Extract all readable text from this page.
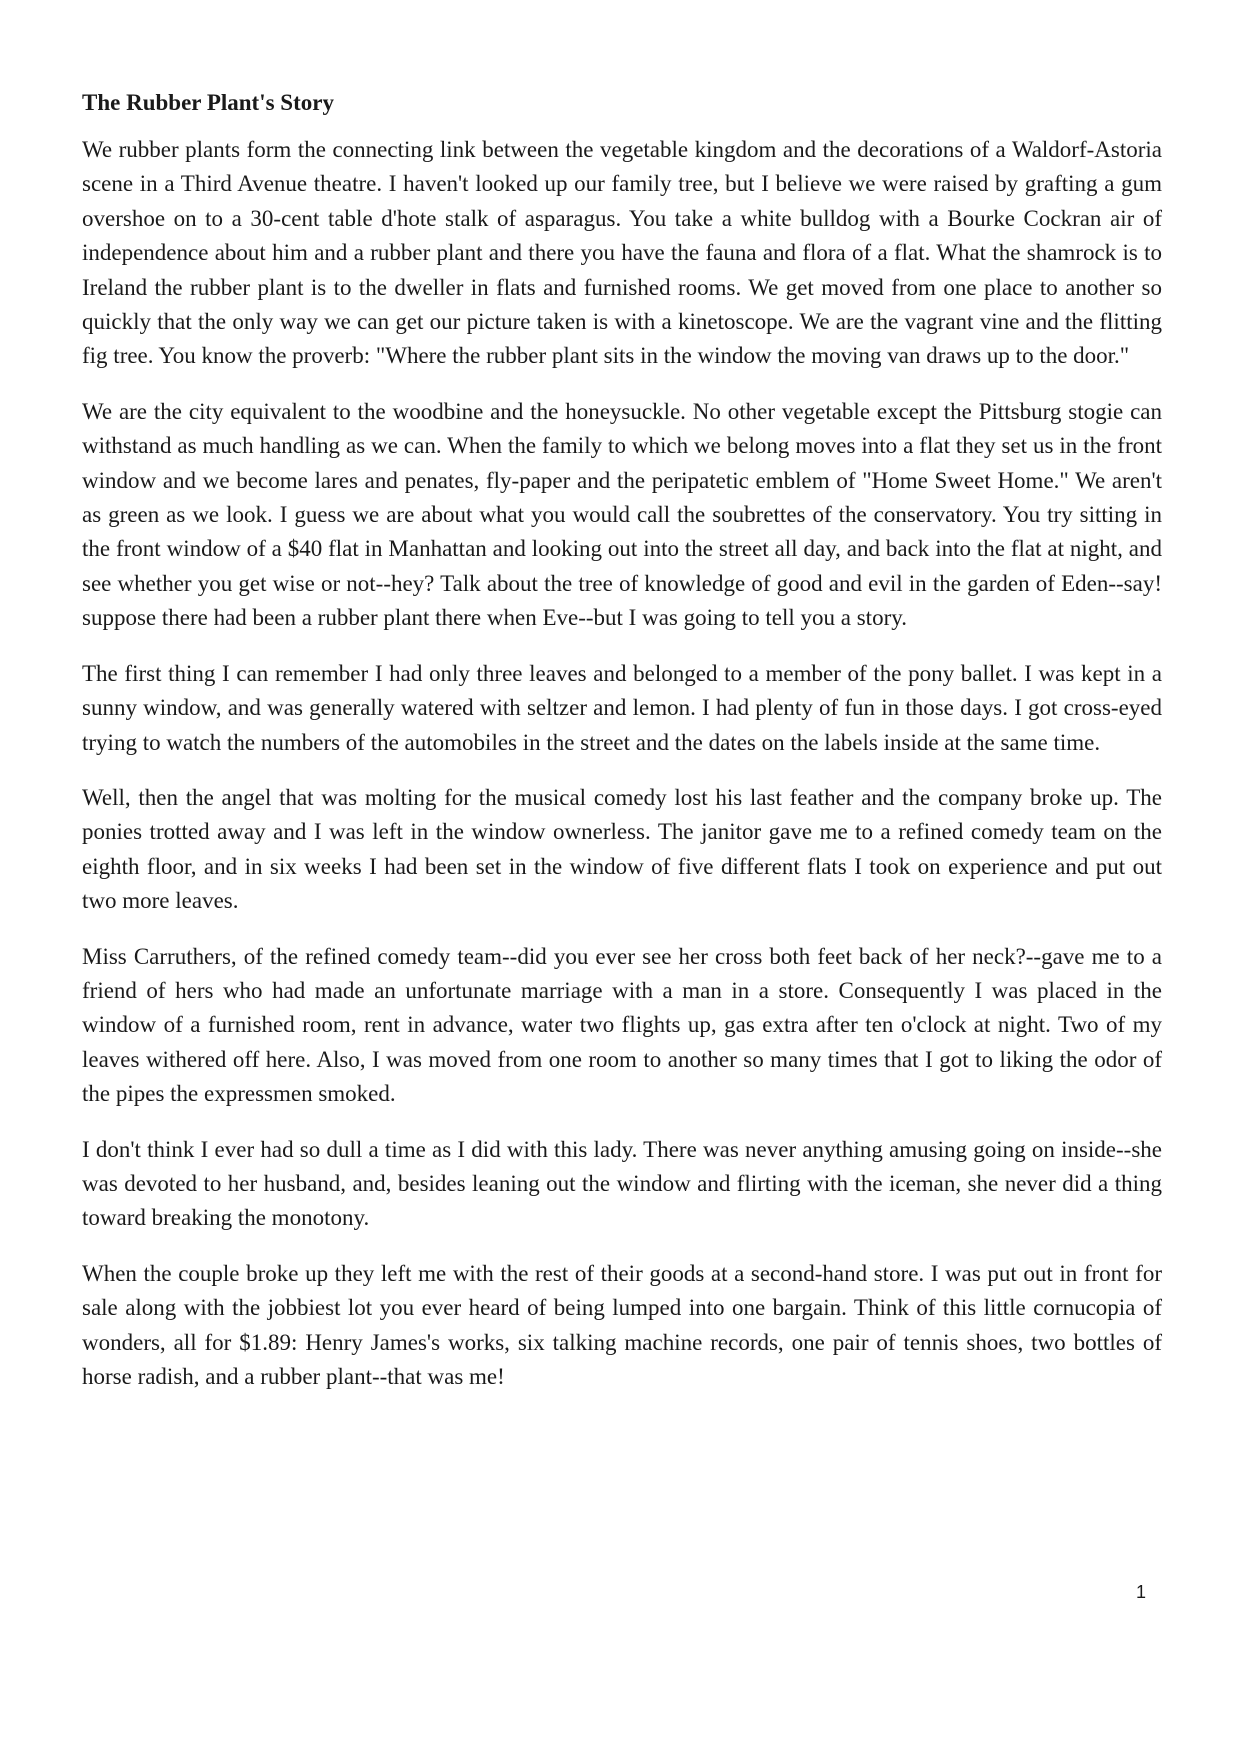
The Rubber Plant's Story

We rubber plants form the connecting link between the vegetable kingdom and the decorations of a Waldorf-Astoria scene in a Third Avenue theatre. I haven't looked up our family tree, but I believe we were raised by grafting a gum overshoe on to a 30-cent table d'hote stalk of asparagus. You take a white bulldog with a Bourke Cockran air of independence about him and a rubber plant and there you have the fauna and flora of a flat. What the shamrock is to Ireland the rubber plant is to the dweller in flats and furnished rooms. We get moved from one place to another so quickly that the only way we can get our picture taken is with a kinetoscope. We are the vagrant vine and the flitting fig tree. You know the proverb: "Where the rubber plant sits in the window the moving van draws up to the door."

We are the city equivalent to the woodbine and the honeysuckle. No other vegetable except the Pittsburg stogie can withstand as much handling as we can. When the family to which we belong moves into a flat they set us in the front window and we become lares and penates, fly-paper and the peripatetic emblem of "Home Sweet Home." We aren't as green as we look. I guess we are about what you would call the soubrettes of the conservatory. You try sitting in the front window of a $40 flat in Manhattan and looking out into the street all day, and back into the flat at night, and see whether you get wise or not--hey? Talk about the tree of knowledge of good and evil in the garden of Eden--say! suppose there had been a rubber plant there when Eve--but I was going to tell you a story.

The first thing I can remember I had only three leaves and belonged to a member of the pony ballet. I was kept in a sunny window, and was generally watered with seltzer and lemon. I had plenty of fun in those days. I got cross-eyed trying to watch the numbers of the automobiles in the street and the dates on the labels inside at the same time.

Well, then the angel that was molting for the musical comedy lost his last feather and the company broke up. The ponies trotted away and I was left in the window ownerless. The janitor gave me to a refined comedy team on the eighth floor, and in six weeks I had been set in the window of five different flats I took on experience and put out two more leaves.

Miss Carruthers, of the refined comedy team--did you ever see her cross both feet back of her neck?--gave me to a friend of hers who had made an unfortunate marriage with a man in a store. Consequently I was placed in the window of a furnished room, rent in advance, water two flights up, gas extra after ten o'clock at night. Two of my leaves withered off here. Also, I was moved from one room to another so many times that I got to liking the odor of the pipes the expressmen smoked.

I don't think I ever had so dull a time as I did with this lady. There was never anything amusing going on inside--she was devoted to her husband, and, besides leaning out the window and flirting with the iceman, she never did a thing toward breaking the monotony.

When the couple broke up they left me with the rest of their goods at a second-hand store. I was put out in front for sale along with the jobbiest lot you ever heard of being lumped into one bargain. Think of this little cornucopia of wonders, all for $1.89: Henry James's works, six talking machine records, one pair of tennis shoes, two bottles of horse radish, and a rubber plant--that was me!

1
